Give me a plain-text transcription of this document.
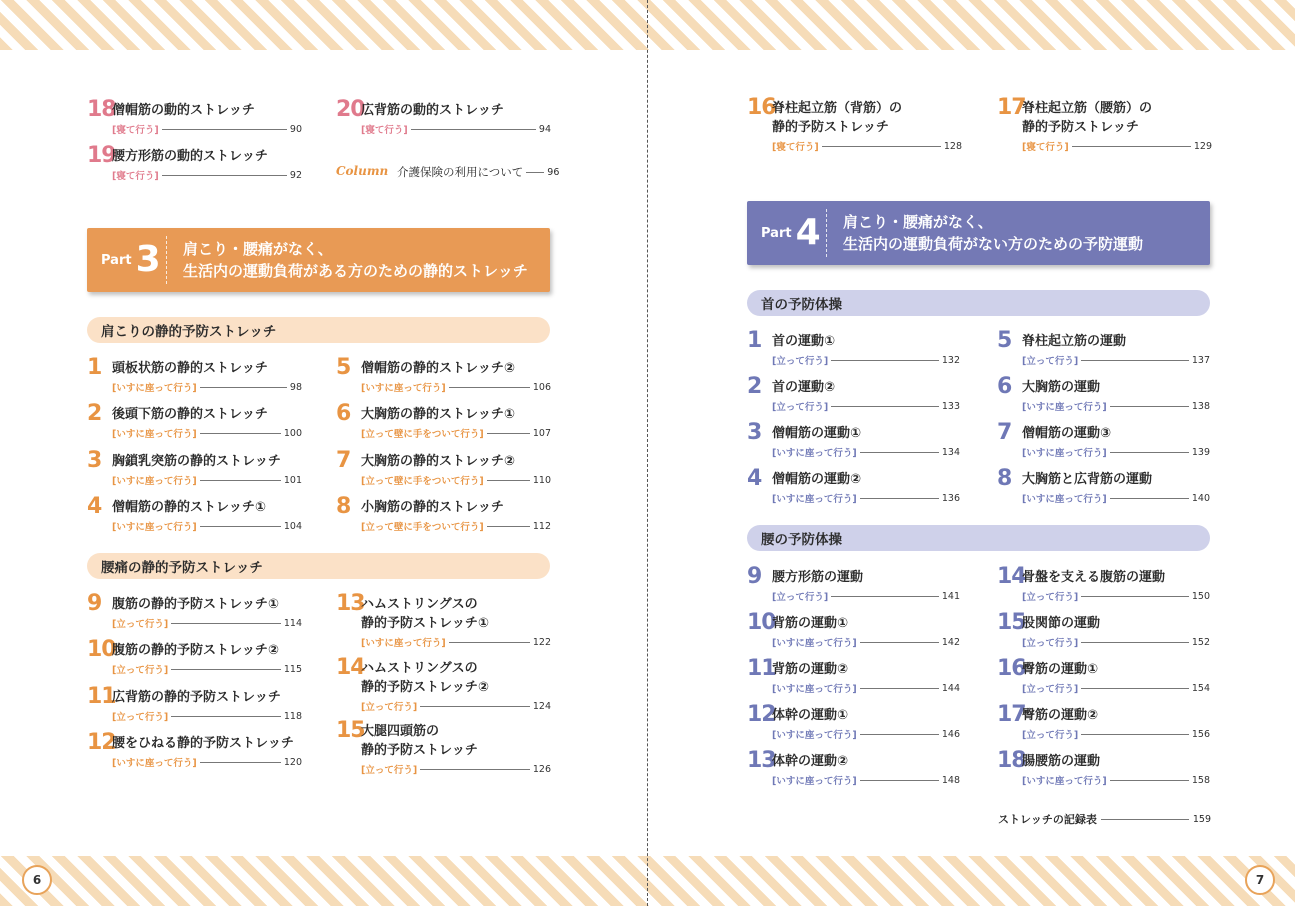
6	7
18
僧帽筋の動的ストレッチ
[寝て行う]	90
19
腰方形筋の動的ストレッチ
[寝て行う]	92
20
広背筋の動的ストレッチ
[寝て行う]	94
Column 介護保険の利用について	96
Part 3 肩こり・腰痛がなく、
生活内の運動負荷がある方のための静的ストレッチ
肩こりの静的予防ストレッチ
腰痛の静的予防ストレッチ
1 頭板状筋の静的ストレッチ
[いすに座って行う]	98
2 後頭下筋の静的ストレッチ
[いすに座って行う]	100
3 胸鎖乳突筋の静的ストレッチ
[いすに座って行う]	101
4 僧帽筋の静的ストレッチ①
[いすに座って行う]	104
5 僧帽筋の静的ストレッチ②
[いすに座って行う]	106
6 大胸筋の静的ストレッチ①
[立って壁に手をついて行う]	107
7 大胸筋の静的ストレッチ②
[立って壁に手をついて行う]	110
8 小胸筋の静的ストレッチ
[立って壁に手をついて行う]	112
9 腹筋の静的予防ストレッチ①
[立って行う]	114
10
腹筋の静的予防ストレッチ②
[立って行う]	115
11
広背筋の静的予防ストレッチ
[立って行う]	118
12
腰をひねる静的予防ストレッチ
[いすに座って行う]	120
13
ハムストリングスの
静的予防ストレッチ①
[いすに座って行う]	122
14
ハムストリングスの
静的予防ストレッチ②
[立って行う]	124
15
大腿四頭筋の
静的予防ストレッチ
[立って行う]	126
16
脊柱起立筋（背筋）の
静的予防ストレッチ
[寝て行う]	128
17
脊柱起立筋（腰筋）の
静的予防ストレッチ
[寝て行う]	129
Part 4 肩こり・腰痛がなく、
生活内の運動負荷がない方のための予防運動
首の予防体操
腰の予防体操
1 首の運動①
[立って行う]	132
2 首の運動②
[立って行う]	133
3 僧帽筋の運動①
[いすに座って行う]	134
4 僧帽筋の運動②
[いすに座って行う]	136
5 脊柱起立筋の運動
[立って行う]	137
6 大胸筋の運動
[いすに座って行う]	138
7 僧帽筋の運動③
[いすに座って行う]	139
8 大胸筋と広背筋の運動
[いすに座って行う]	140
9 腰方形筋の運動
[立って行う]	141
10
背筋の運動①
[いすに座って行う]	142
11
背筋の運動②
[いすに座って行う]	144
12
体幹の運動①
[いすに座って行う]	146
13
体幹の運動②
[いすに座って行う]	148
14
骨盤を支える腹筋の運動
[立って行う]	150
15
股関節の運動
[立って行う]	152
16
臀筋の運動①
[立って行う]	154
17
臀筋の運動②
[立って行う]	156
18
腸腰筋の運動
[いすに座って行う]	158
ストレッチの記録表	159
